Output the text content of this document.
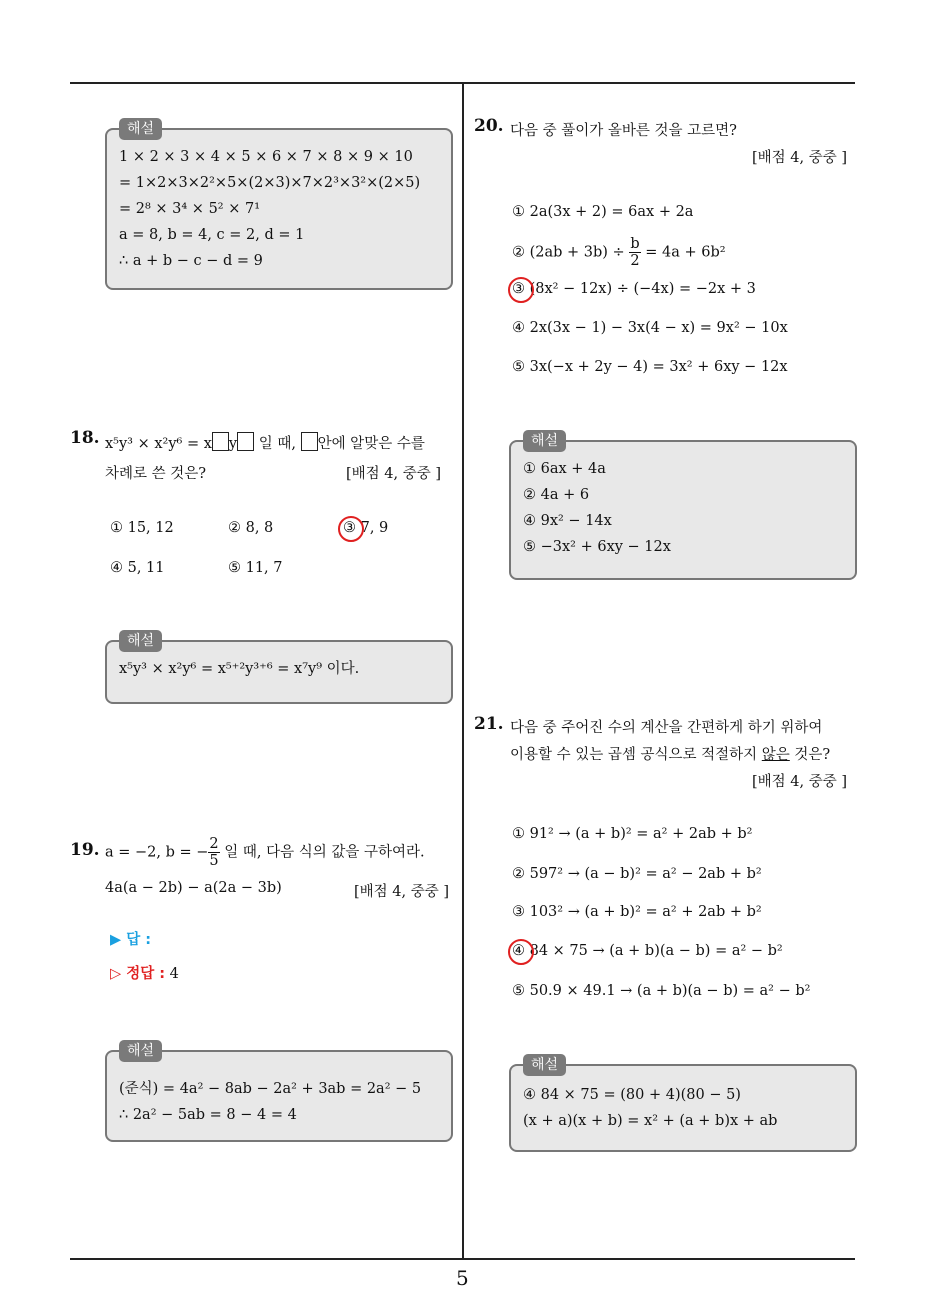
해설
1 × 2 × 3 × 4 × 5 × 6 × 7 × 8 × 9 × 10
= 1×2×3×2²×5×(2×3)×7×2³×3²×(2×5)
= 2⁸ × 3⁴ × 5² × 7¹
a = 8, b = 4, c = 2, d = 1
∴ a + b − c − d = 9
18. x⁵y³ × x²y⁶ = x y 일 때, 안에 알맞은 수를
차례로 쓴 것은?	[배점 4, 중중 ]
① 15, 12	② 8, 8	③ 7, 9
④ 5, 11	⑤ 11, 7
해설
x⁵y³ × x²y⁶ = x⁵⁺²y³⁺⁶ = x⁷y⁹ 이다.
19. a = −2, b = − $\frac{2}{5}$ 일 때, 다음 식의 값을 구하여라.
4a(a − 2b) − a(2a − 3b)	[배점 4, 중중 ]
▶ 답 :
▷ 정답 : 4
해설
(준식) = 4a² − 8ab − 2a² + 3ab = 2a² − 5
∴ 2a² − 5ab = 8 − 4 = 4
20. 다음 중 풀이가 올바른 것을 고르면?
[배점 4, 중중 ]
① 2a(3x + 2) = 6ax + 2a
② $(2ab + 3b) \div \frac{b}{2} = 4a + 6b^2$
③ (8x² − 12x) ÷ (−4x) = −2x + 3
④ 2x(3x − 1) − 3x(4 − x) = 9x² − 10x
⑤ 3x(−x + 2y − 4) = 3x² + 6xy − 12x
해설
① 6ax + 4a
② 4a + 6
④ 9x² − 14x
⑤ −3x² + 6xy − 12x
21. 다음 중 주어진 수의 계산을 간편하게 하기 위하여
이용할 수 있는 곱셈 공식으로 적절하지 않은 것은?
[배점 4, 중중 ]
① 91² → (a + b)² = a² + 2ab + b²
② 597² → (a − b)² = a² − 2ab + b²
③ 103² → (a + b)² = a² + 2ab + b²
④ 84 × 75 → (a + b)(a − b) = a² − b²
⑤ 50.9 × 49.1 → (a + b)(a − b) = a² − b²
해설
④ 84 × 75 = (80 + 4)(80 − 5)
(x + a)(x + b) = x² + (a + b)x + ab
5
